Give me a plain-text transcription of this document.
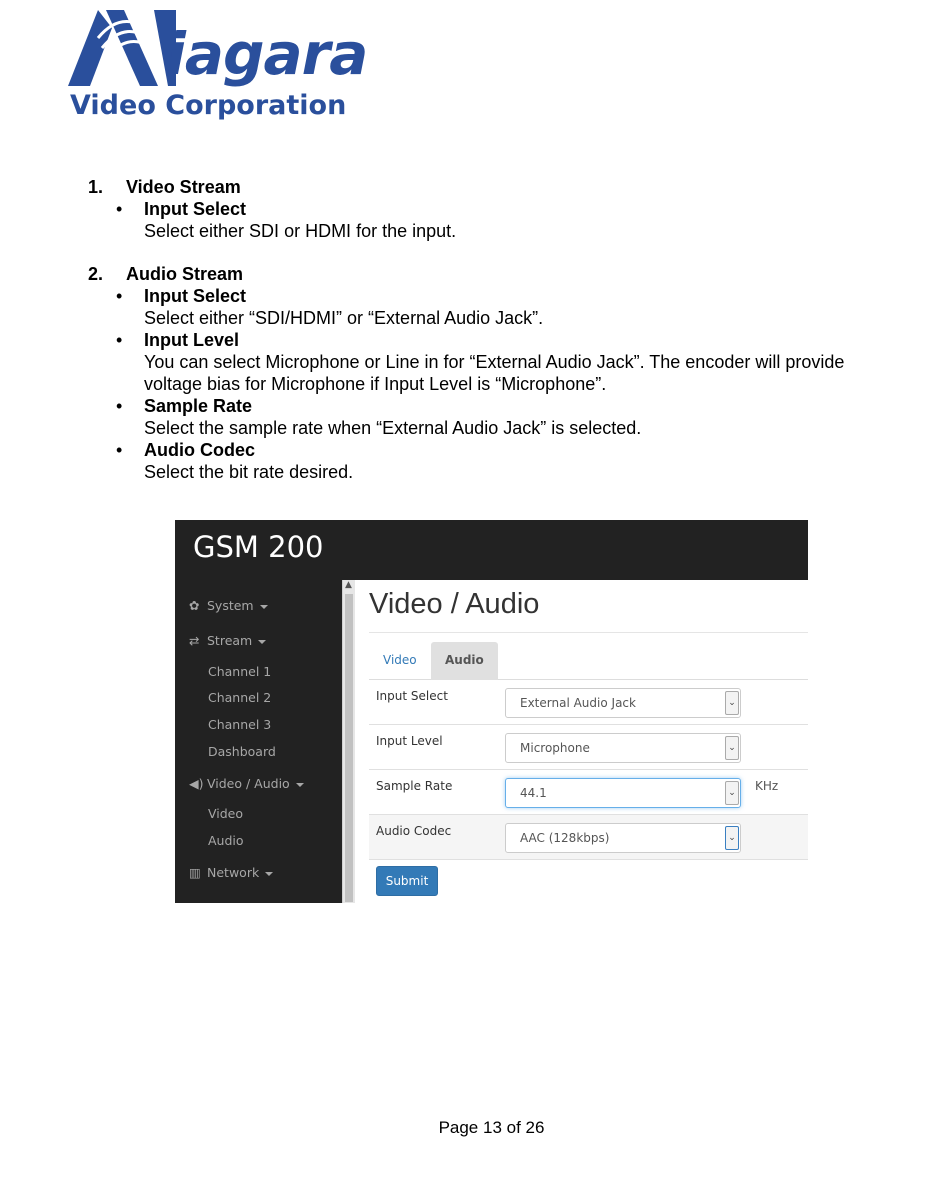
iagara
Video Corporation
1. Video Stream
• Input Select
Select either SDI or HDMI for the input.
2. Audio Stream
• Input Select
Select either “SDI/HDMI” or “External Audio Jack”.
• Input Level
You can select Microphone or Line in for “External Audio Jack”. The encoder will provide voltage bias for Microphone if Input Level is “Microphone”.
• Sample Rate
Select the sample rate when “External Audio Jack” is selected.
• Audio Codec
Select the bit rate desired.
GSM 200
✿ System
⇄ Stream
Channel 1
Channel 2
Channel 3
Dashboard
◀) Video / Audio
Video
Audio
▥ Network
▲
Video / Audio
Video	Audio
Input Select	External Audio Jack	⌄
Input Level	Microphone	⌄
Sample Rate	44.1	⌄ KHz
Audio Codec	AAC (128kbps)	⌄
Submit
Page 13 of 26
